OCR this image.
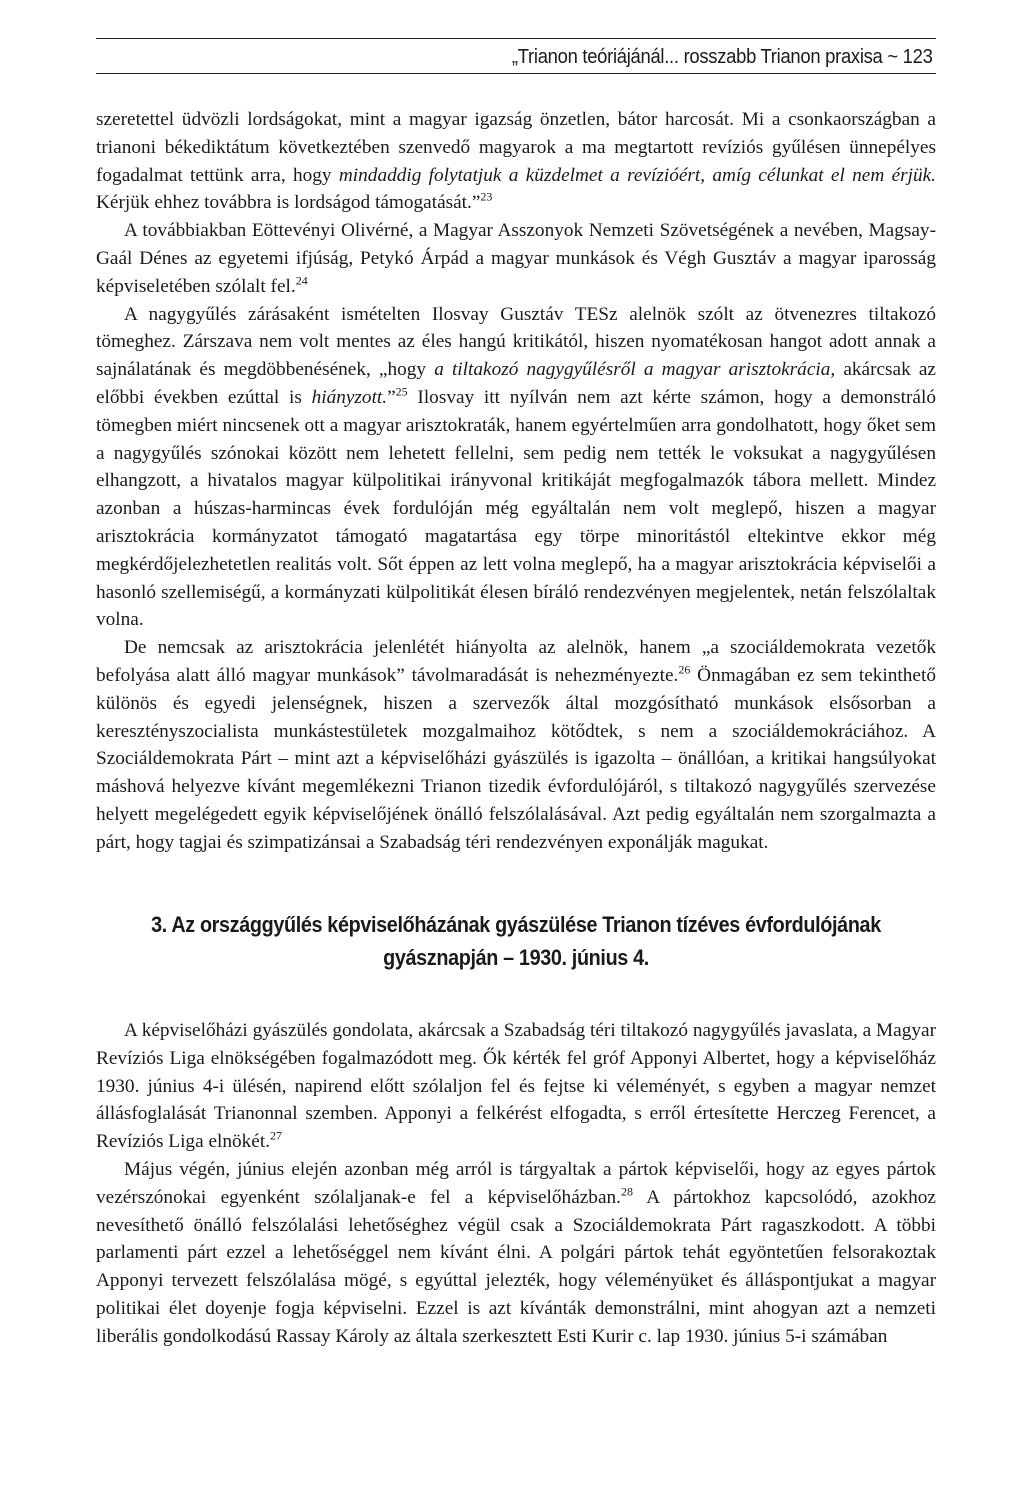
„Trianon teóriájánál... rosszabb Trianon praxisa ~ 123

szeretettel üdvözli lordságokat, mint a magyar igazság önzetlen, bátor harcosát. Mi a csonkaországban a trianoni békediktátum következtében szenvedő magyarok a ma megtartott revíziós gyűlésen ünnepélyes fogadalmat tettünk arra, hogy mindaddig folytatjuk a küzdelmet a revízióért, amíg célunkat el nem érjük. Kérjük ehhez továbbra is lordságod támogatását.”$^{23}$

A továbbiakban Eöttevényi Olivérné, a Magyar Asszonyok Nemzeti Szövetségének a nevében, Magsay-Gaál Dénes az egyetemi ifjúság, Petykó Árpád a magyar munkások és Végh Gusztáv a magyar iparosság képviseletében szólalt fel.$^{24}$

A nagygyűlés zárásaként ismételten Ilosvay Gusztáv TESz alelnök szólt az ötvenezres tiltakozó tömeghez. Zárszava nem volt mentes az éles hangú kritikától, hiszen nyomatékosan hangot adott annak a sajnálatának és megdöbbenésének, „hogy a tiltakozó nagygyűlésről a magyar arisztokrácia, akárcsak az előbbi években ezúttal is hiányzott.”$^{25}$ Ilosvay itt nyílván nem azt kérte számon, hogy a demonstráló tömegben miért nincsenek ott a magyar arisztokraták, hanem egyértelműen arra gondolhatott, hogy őket sem a nagygyűlés szónokai között nem lehetett fellelni, sem pedig nem tették le voksukat a nagygyűlésen elhangzott, a hivatalos magyar külpolitikai irányvonal kritikáját megfogalmazók tábora mellett. Mindez azonban a húszas-harmincas évek fordulóján még egyáltalán nem volt meglepő, hiszen a magyar arisztokrácia kormányzatot támogató magatartása egy törpe minoritástól eltekintve ekkor még megkérdőjelezhetetlen realitás volt. Sőt éppen az lett volna meglepő, ha a magyar arisztokrácia képviselői a hasonló szellemiségű, a kormányzati külpolitikát élesen bíráló rendezvényen megjelentek, netán felszólaltak volna.

De nemcsak az arisztokrácia jelenlétét hiányolta az alelnök, hanem „a szociáldemokrata vezetők befolyása alatt álló magyar munkások” távolmaradását is nehezményezte.$^{26}$ Önmagában ez sem tekinthető különös és egyedi jelenségnek, hiszen a szervezők által mozgósítható munkások elsősorban a keresztényszocialista munkástestületek mozgalmaihoz kötődtek, s nem a szociáldemokráciához. A Szociáldemokrata Párt – mint azt a képviselőházi gyászülés is igazolta – önállóan, a kritikai hangsúlyokat máshová helyezve kívánt megemlékezni Trianon tizedik évfordulójáról, s tiltakozó nagygyűlés szervezése helyett megelégedett egyik képviselőjének önálló felszólalásával. Azt pedig egyáltalán nem szorgalmazta a párt, hogy tagjai és szimpatizánsai a Szabadság téri rendezvényen exponálják magukat.

3. Az országgyűlés képviselőházának gyászülése Trianon tízéves évfordulójának
gyásznapján – 1930. június 4.

A képviselőházi gyászülés gondolata, akárcsak a Szabadság téri tiltakozó nagygyűlés javaslata, a Magyar Revíziós Liga elnökségében fogalmazódott meg. Ők kérték fel gróf Apponyi Albertet, hogy a képviselőház 1930. június 4-i ülésén, napirend előtt szólaljon fel és fejtse ki véleményét, s egyben a magyar nemzet állásfoglalását Trianonnal szemben. Apponyi a felkérést elfogadta, s erről értesítette Herczeg Ferencet, a Revíziós Liga elnökét.$^{27}$

Május végén, június elején azonban még arról is tárgyaltak a pártok képviselői, hogy az egyes pártok vezérszónokai egyenként szólaljanak-e fel a képviselőházban.$^{28}$ A pártokhoz kapcsolódó, azokhoz nevesíthető önálló felszólalási lehetőséghez végül csak a Szociáldemokrata Párt ragaszkodott. A többi parlamenti párt ezzel a lehetőséggel nem kívánt élni. A polgári pártok tehát egyöntetűen felsorakoztak Apponyi tervezett felszólalása mögé, s egyúttal jelezték, hogy véleményüket és álláspontjukat a magyar politikai élet doyenje fogja képviselni. Ezzel is azt kívánták demonstrálni, mint ahogyan azt a nemzeti liberális gondolkodású Rassay Károly az általa szerkesztett Esti Kurir c. lap 1930. június 5-i számában
